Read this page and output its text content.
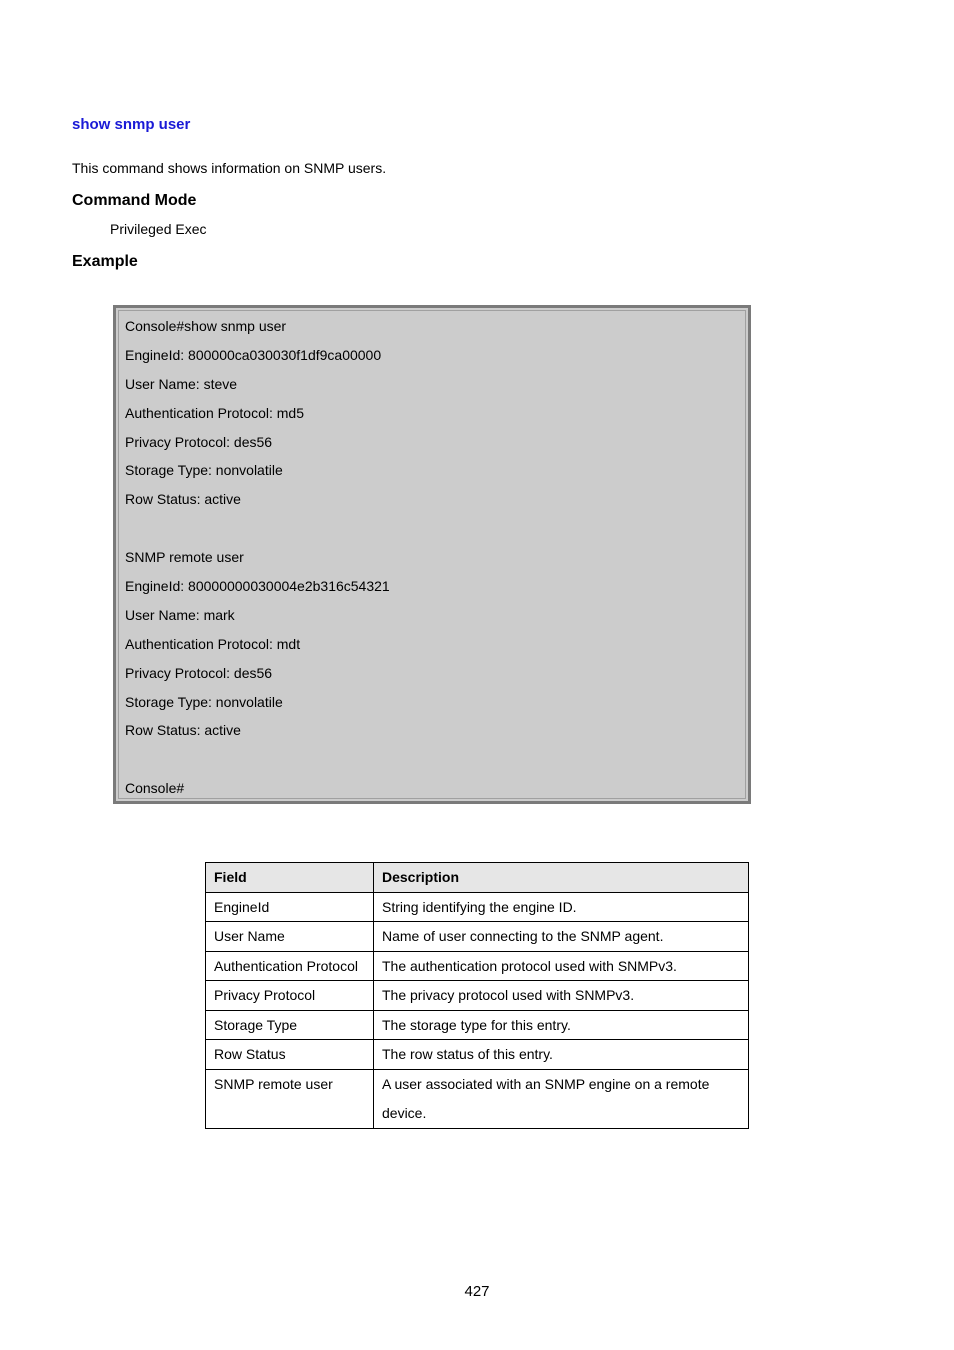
show snmp user
This command shows information on SNMP users.
Command Mode
Privileged Exec
Example
Console#show snmp user
EngineId: 800000ca030030f1df9ca00000
User Name: steve
Authentication Protocol: md5
Privacy Protocol: des56
Storage Type: nonvolatile
Row Status: active
SNMP remote user
EngineId: 80000000030004e2b316c54321
User Name: mark
Authentication Protocol: mdt
Privacy Protocol: des56
Storage Type: nonvolatile
Row Status: active
Console#
Field	Description
EngineId	String identifying the engine ID.
User Name	Name of user connecting to the SNMP agent.
Authentication Protocol	The authentication protocol used with SNMPv3.
Privacy Protocol	The privacy protocol used with SNMPv3.
Storage Type	The storage type for this entry.
Row Status	The row status of this entry.
SNMP remote user	A user associated with an SNMP engine on a remote device.
427
